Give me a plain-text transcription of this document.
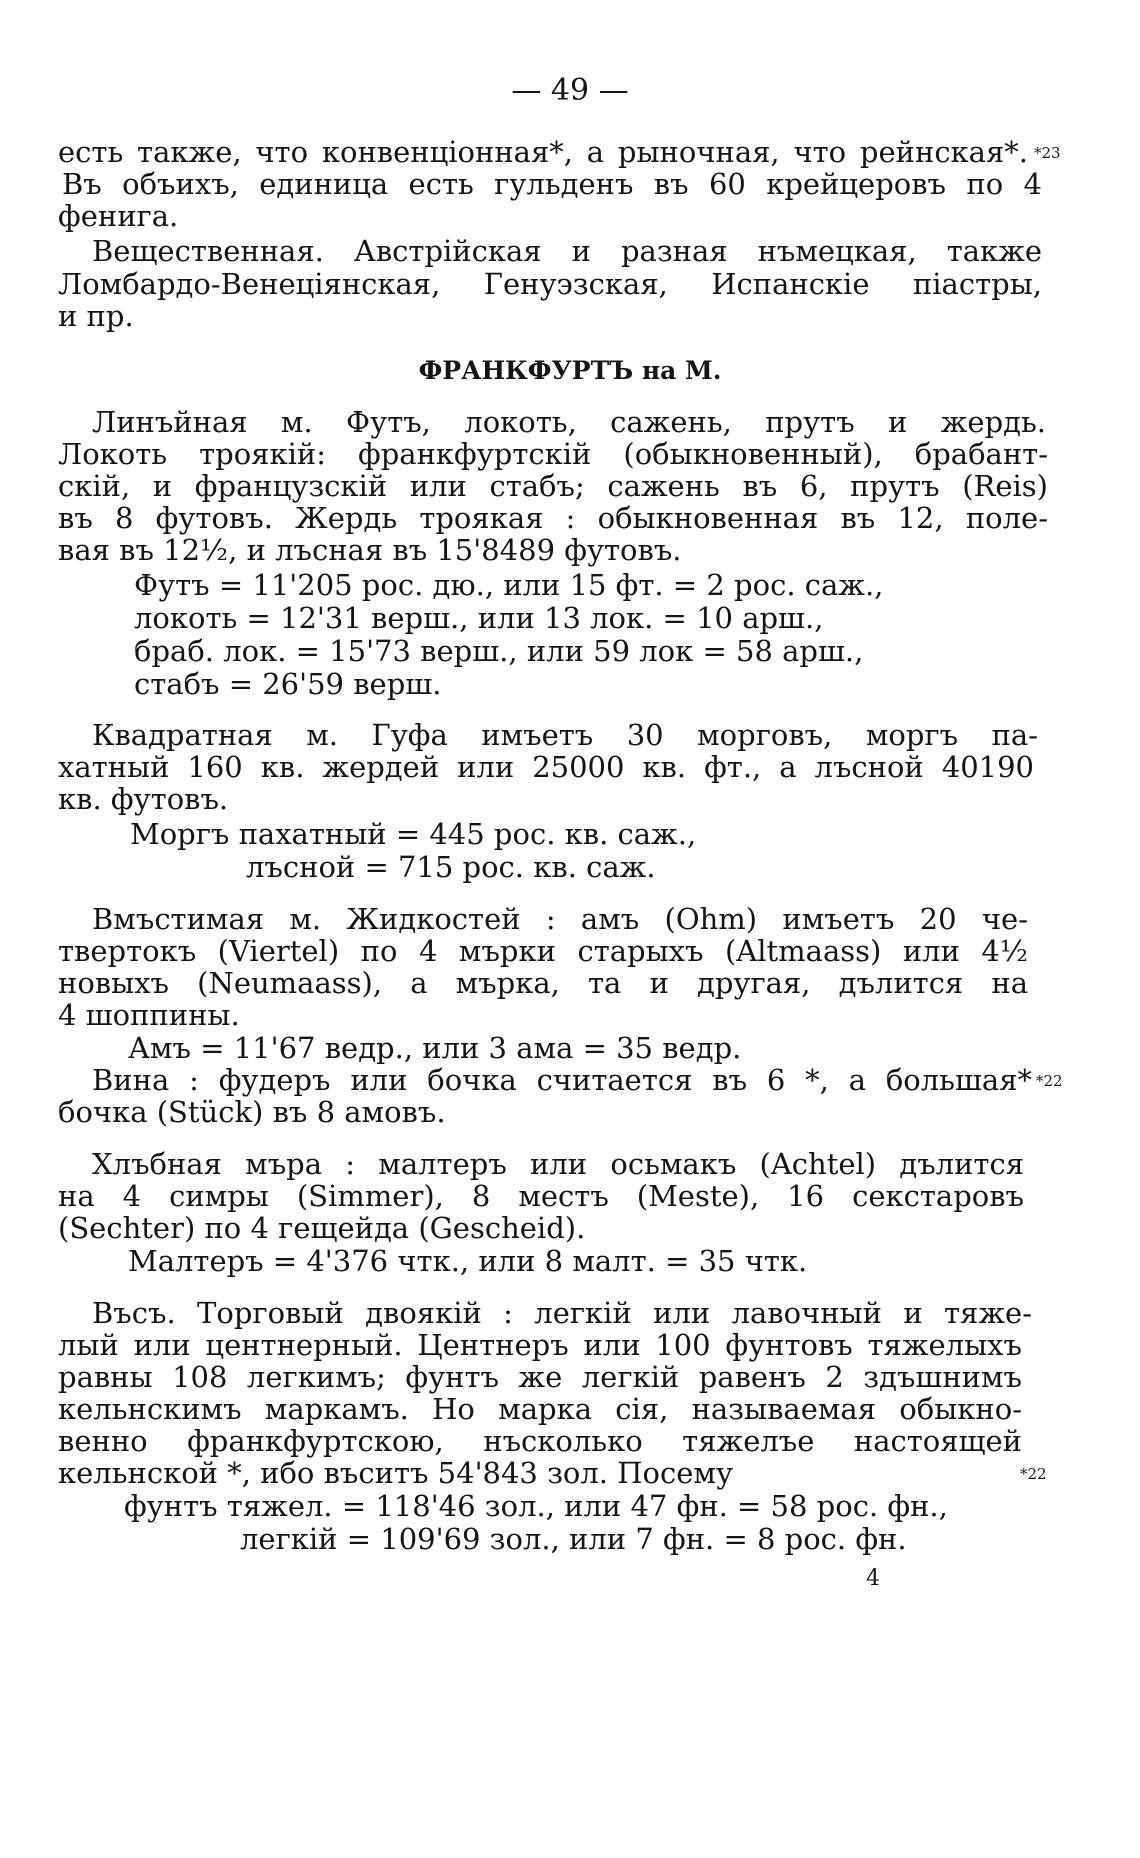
— 49 —
есть также, что конвенціонная*, а рыночная, что рейнская*. *23
Въ объихъ, единица есть гульденъ въ 60 крейцеровъ по 4
фенига.
Вещественная. Австрійская и разная нъмецкая, также
Ломбардо-Венеціянская, Генуэзская, Испанскіе піастры,
и пр.
ФРАНКФУРТЪ на М.
Линъйная м. Футъ, локоть, сажень, прутъ и жердь.
Локоть троякій: франкфуртскій (обыкновенный), брабант-
скій, и французскій или стабъ; сажень въ 6, прутъ (Reis)
въ 8 футовъ. Жердь троякая : обыкновенная въ 12, поле-
вая въ 12½, и лъсная въ 15'8489 футовъ.
Футъ = 11'205 рос. дю., или 15 фт. = 2 рос. саж.,
локоть = 12'31 верш., или 13 лок. = 10 арш.,
браб. лок. = 15'73 верш., или 59 лок = 58 арш.,
стабъ = 26'59 верш.
Квадратная м. Гуфа имъетъ 30 морговъ, моргъ па-
хатный 160 кв. жердей или 25000 кв. фт., а лъсной 40190
кв. футовъ.
Моргъ пахатный = 445 рос. кв. саж.,
лъсной = 715 рос. кв. саж.
Вмъстимая м. Жидкостей : амъ (Ohm) имъетъ 20 че-
твертокъ (Viertel) по 4 мърки старыхъ (Altmaass) или 4½
новыхъ (Neumaass), а мърка, та и другая, дълится на
4 шоппины.
Амъ = 11'67 ведр., или 3 ама = 35 ведр.
Вина : фудеръ или бочка считается въ 6 *, а большая* *22
бочка (Stück) въ 8 амовъ.
Хлъбная мъра : малтеръ или осьмакъ (Achtel) дълится
на 4 симры (Simmer), 8 местъ (Meste), 16 секстаровъ
(Sechter) по 4 гещейда (Gescheid).
Малтеръ = 4'376 чтк., или 8 малт. = 35 чтк.
Въсъ. Торговый двоякій : легкій или лавочный и тяже-
лый или центнерный. Центнеръ или 100 фунтовъ тяжелыхъ
равны 108 легкимъ; фунтъ же легкій равенъ 2 здъшнимъ
кельнскимъ маркамъ. Но марка сія, называемая обыкно-
венно франкфуртскою, нъсколько тяжелъе настоящей
кельнской *, ибо въситъ 54'843 зол. Посему	*22
фунтъ тяжел. = 118'46 зол., или 47 фн. = 58 рос. фн.,
легкій = 109'69 зол., или 7 фн. = 8 рос. фн.
4
